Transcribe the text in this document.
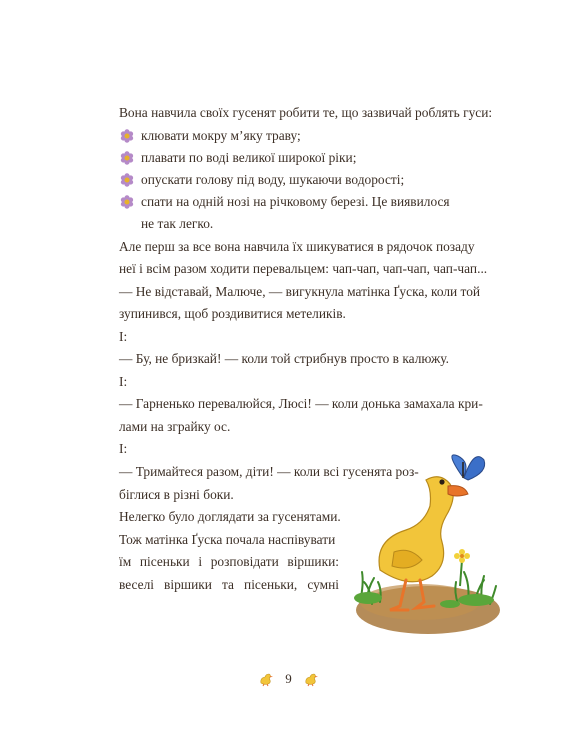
Вона навчила своїх гусенят робити те, що зазвичай роблять гуси:
клювати мокру м’яку траву;
плавати по воді великої широкої ріки;
опускати голову під воду, шукаючи водорості;
спати на одній нозі на річковому березі. Це виявилося
не так легко.
Але перш за все вона навчила їх шикуватися в рядочок позаду
неї і всім разом ходити перевальцем: чап-чап, чап-чап, чап-чап...
— Не відставай, Малюче, — вигукнула матінка Ґуска, коли той
зупинився, щоб роздивитися метеликів.
І:
— Бу, не бризкай! — коли той стрибнув просто в калюжу.
І:
— Гарненько перевалюйся, Люсі! — коли донька замахала кри-
лами на зграйку ос.
І:
— Тримайтеся разом, діти! — коли всі гусенята роз-
біглися в різні боки.
Нелегко було доглядати за гусенятами.
Тож матінка Ґуска почала наспівувати
їм пісеньки і розповідати віршики:
веселі віршики та пісеньки, сумні
9
